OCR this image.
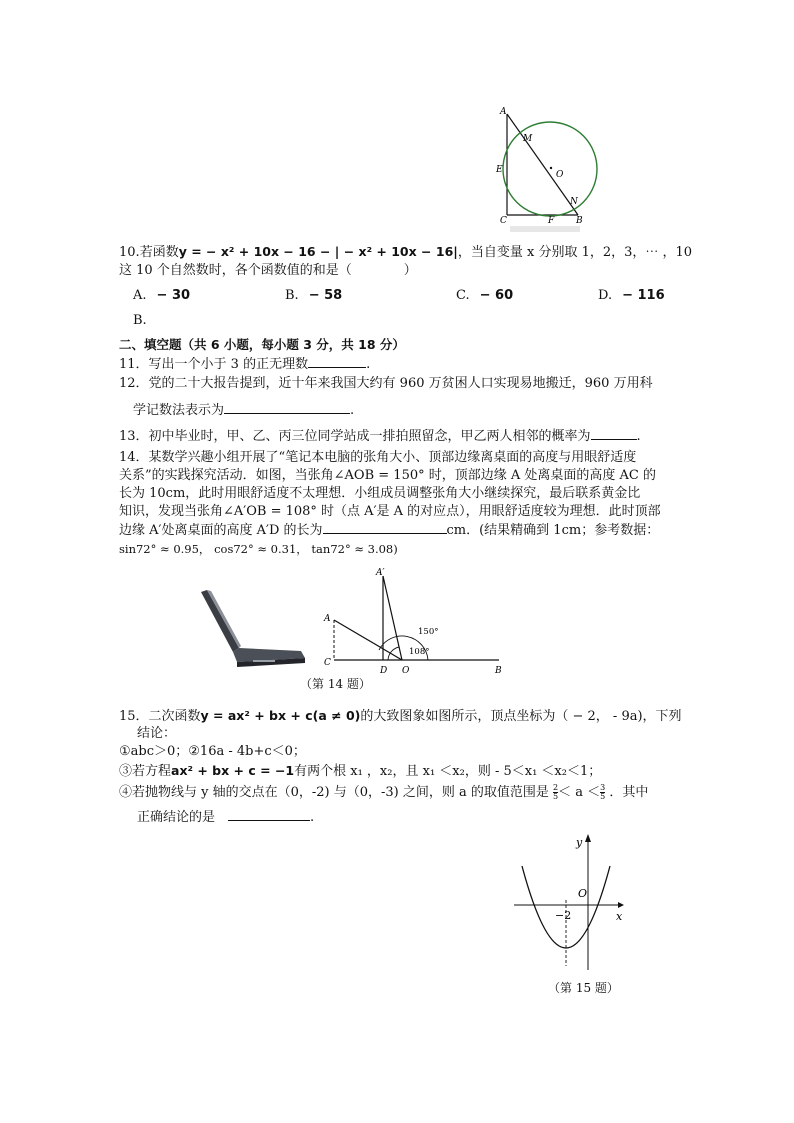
A
M
E	O
N
C	F B
10.若函数y = − x² + 10x − 16 − | − x² + 10x − 16|，当自变量 x 分别取 1，2，3，⋯ ，10
这 10 个自然数时，各个函数值的和是（　　　　）
A. − 30	B. − 58	C. − 60	D. − 116
B.
二、填空题（共 6 小题，每小题 3 分，共 18 分）
11．写出一个小于 3 的正无理数	.
12．党的二十大报告提到，近十年来我国大约有 960 万贫困人口实现易地搬迁，960 万用科
学记数法表示为	.
13．初中毕业时，甲、乙、丙三位同学站成一排拍照留念，甲乙两人相邻的概率为	.
14．某数学兴趣小组开展了“笔记本电脑的张角大小、顶部边缘离桌面的高度与用眼舒适度
关系”的实践探究活动．如图，当张角∠AOB = 150° 时，顶部边缘 A 处离桌面的高度 AC 的
长为 10cm，此时用眼舒适度不太理想．小组成员调整张角大小继续探究，最后联系黄金比
知识，发现当张角∠A′OB = 108° 时（点 A′是 A 的对应点），用眼舒适度较为理想．此时顶部
边缘 A′处离桌面的高度 A′D 的长为	cm．(结果精确到 1cm；参考数据：
sin72° ≈ 0.95， cos72° ≈ 0.31， tan72° ≈ 3.08)
A′
A
C
D O	B
150°
108°
（第 14 题）
15．二次函数y = ax² + bx + c(a ≠ 0)的大致图象如图所示，顶点坐标为（ − 2， - 9a)，下列
结论：
①abc＞0；②16a - 4b+c＜0；
③若方程ax² + bx + c = −1有两个根 x₁ ，x₂，且 x₁ ＜x₂，则 - 5＜x₁ ＜x₂＜1；
④若抛物线与 y 轴的交点在（0，-2) 与（0，-3) 之间，则 a 的取值范围是 $\frac{2}{5} < a < \frac{3}{5}$ ．其中
正确结论的是　	.
y
O
−2	x
（第 15 题）
